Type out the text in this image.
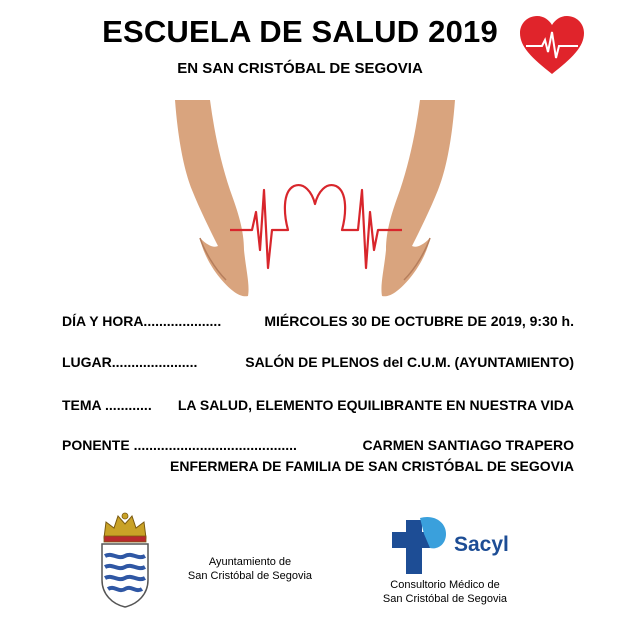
ESCUELA DE SALUD 2019
EN SAN CRISTÓBAL DE SEGOVIA
DÍA Y HORA....................	MIÉRCOLES 30 DE OCTUBRE DE 2019, 9:30 h.
LUGAR......................	SALÓN DE PLENOS del C.U.M. (AYUNTAMIENTO)
TEMA ............ LA SALUD, ELEMENTO EQUILIBRANTE EN NUESTRA VIDA
PONENTE ..........................................	CARMEN SANTIAGO TRAPERO
ENFERMERA DE FAMILIA DE SAN CRISTÓBAL DE SEGOVIA
Ayuntamiento de
San Cristóbal de Segovia
Sacyl
Consultorio Médico de
San Cristóbal de Segovia
